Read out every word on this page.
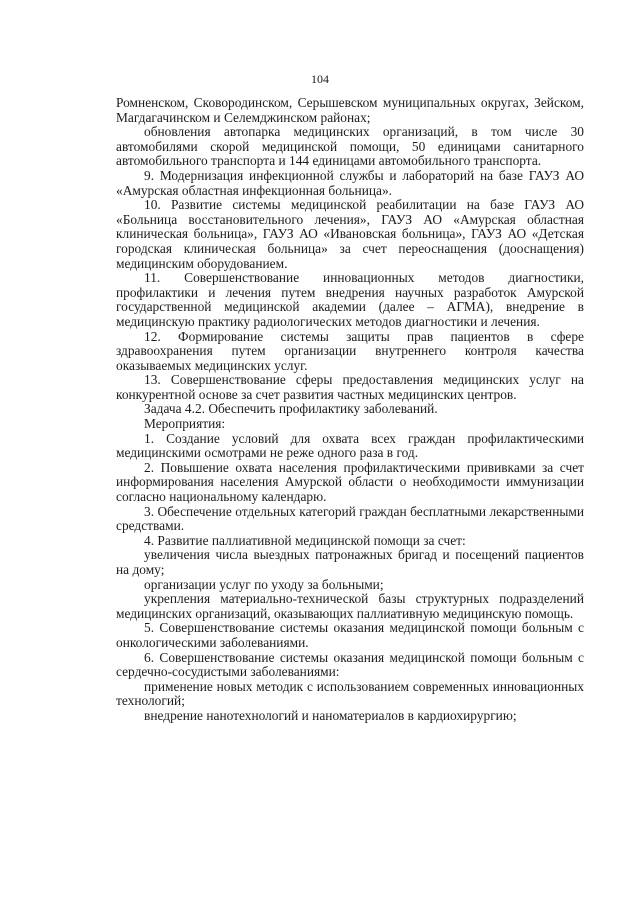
104

Ромненском, Сковородинском, Серышевском муниципальных округах, Зейском, Магдагачинском и Селемджинском районах;

обновления автопарка медицинских организаций, в том числе 30 автомобилями скорой медицинской помощи, 50 единицами санитарного автомобильного транспорта и 144 единицами автомобильного транспорта.

9. Модернизация инфекционной службы и лабораторий на базе ГАУЗ АО «Амурская областная инфекционная больница».

10. Развитие системы медицинской реабилитации на базе ГАУЗ АО «Больница восстановительного лечения», ГАУЗ АО «Амурская областная клиническая больница», ГАУЗ АО «Ивановская больница», ГАУЗ АО «Детская городская клиническая больница» за счет переоснащения (дооснащения) медицинским оборудованием.

11. Совершенствование инновационных методов диагностики, профилактики и лечения путем внедрения научных разработок Амурской государственной медицинской академии (далее – АГМА), внедрение в медицинскую практику радиологических методов диагностики и лечения.

12. Формирование системы защиты прав пациентов в сфере здравоохранения путем организации внутреннего контроля качества оказываемых медицинских услуг.

13. Совершенствование сферы предоставления медицинских услуг на конкурентной основе за счет развития частных медицинских центров.

Задача 4.2. Обеспечить профилактику заболеваний.

Мероприятия:

1. Создание условий для охвата всех граждан профилактическими медицинскими осмотрами не реже одного раза в год.

2. Повышение охвата населения профилактическими прививками за счет информирования населения Амурской области о необходимости иммунизации согласно национальному календарю.

3. Обеспечение отдельных категорий граждан бесплатными лекарственными средствами.

4. Развитие паллиативной медицинской помощи за счет:

увеличения числа выездных патронажных бригад и посещений пациентов на дому;

организации услуг по уходу за больными;

укрепления материально-технической базы структурных подразделений медицинских организаций, оказывающих паллиативную медицинскую помощь.

5. Совершенствование системы оказания медицинской помощи больным с онкологическими заболеваниями.

6. Совершенствование системы оказания медицинской помощи больным с сердечно-сосудистыми заболеваниями:

применение новых методик с использованием современных инновационных технологий;

внедрение нанотехнологий и наноматериалов в кардиохирургию;
